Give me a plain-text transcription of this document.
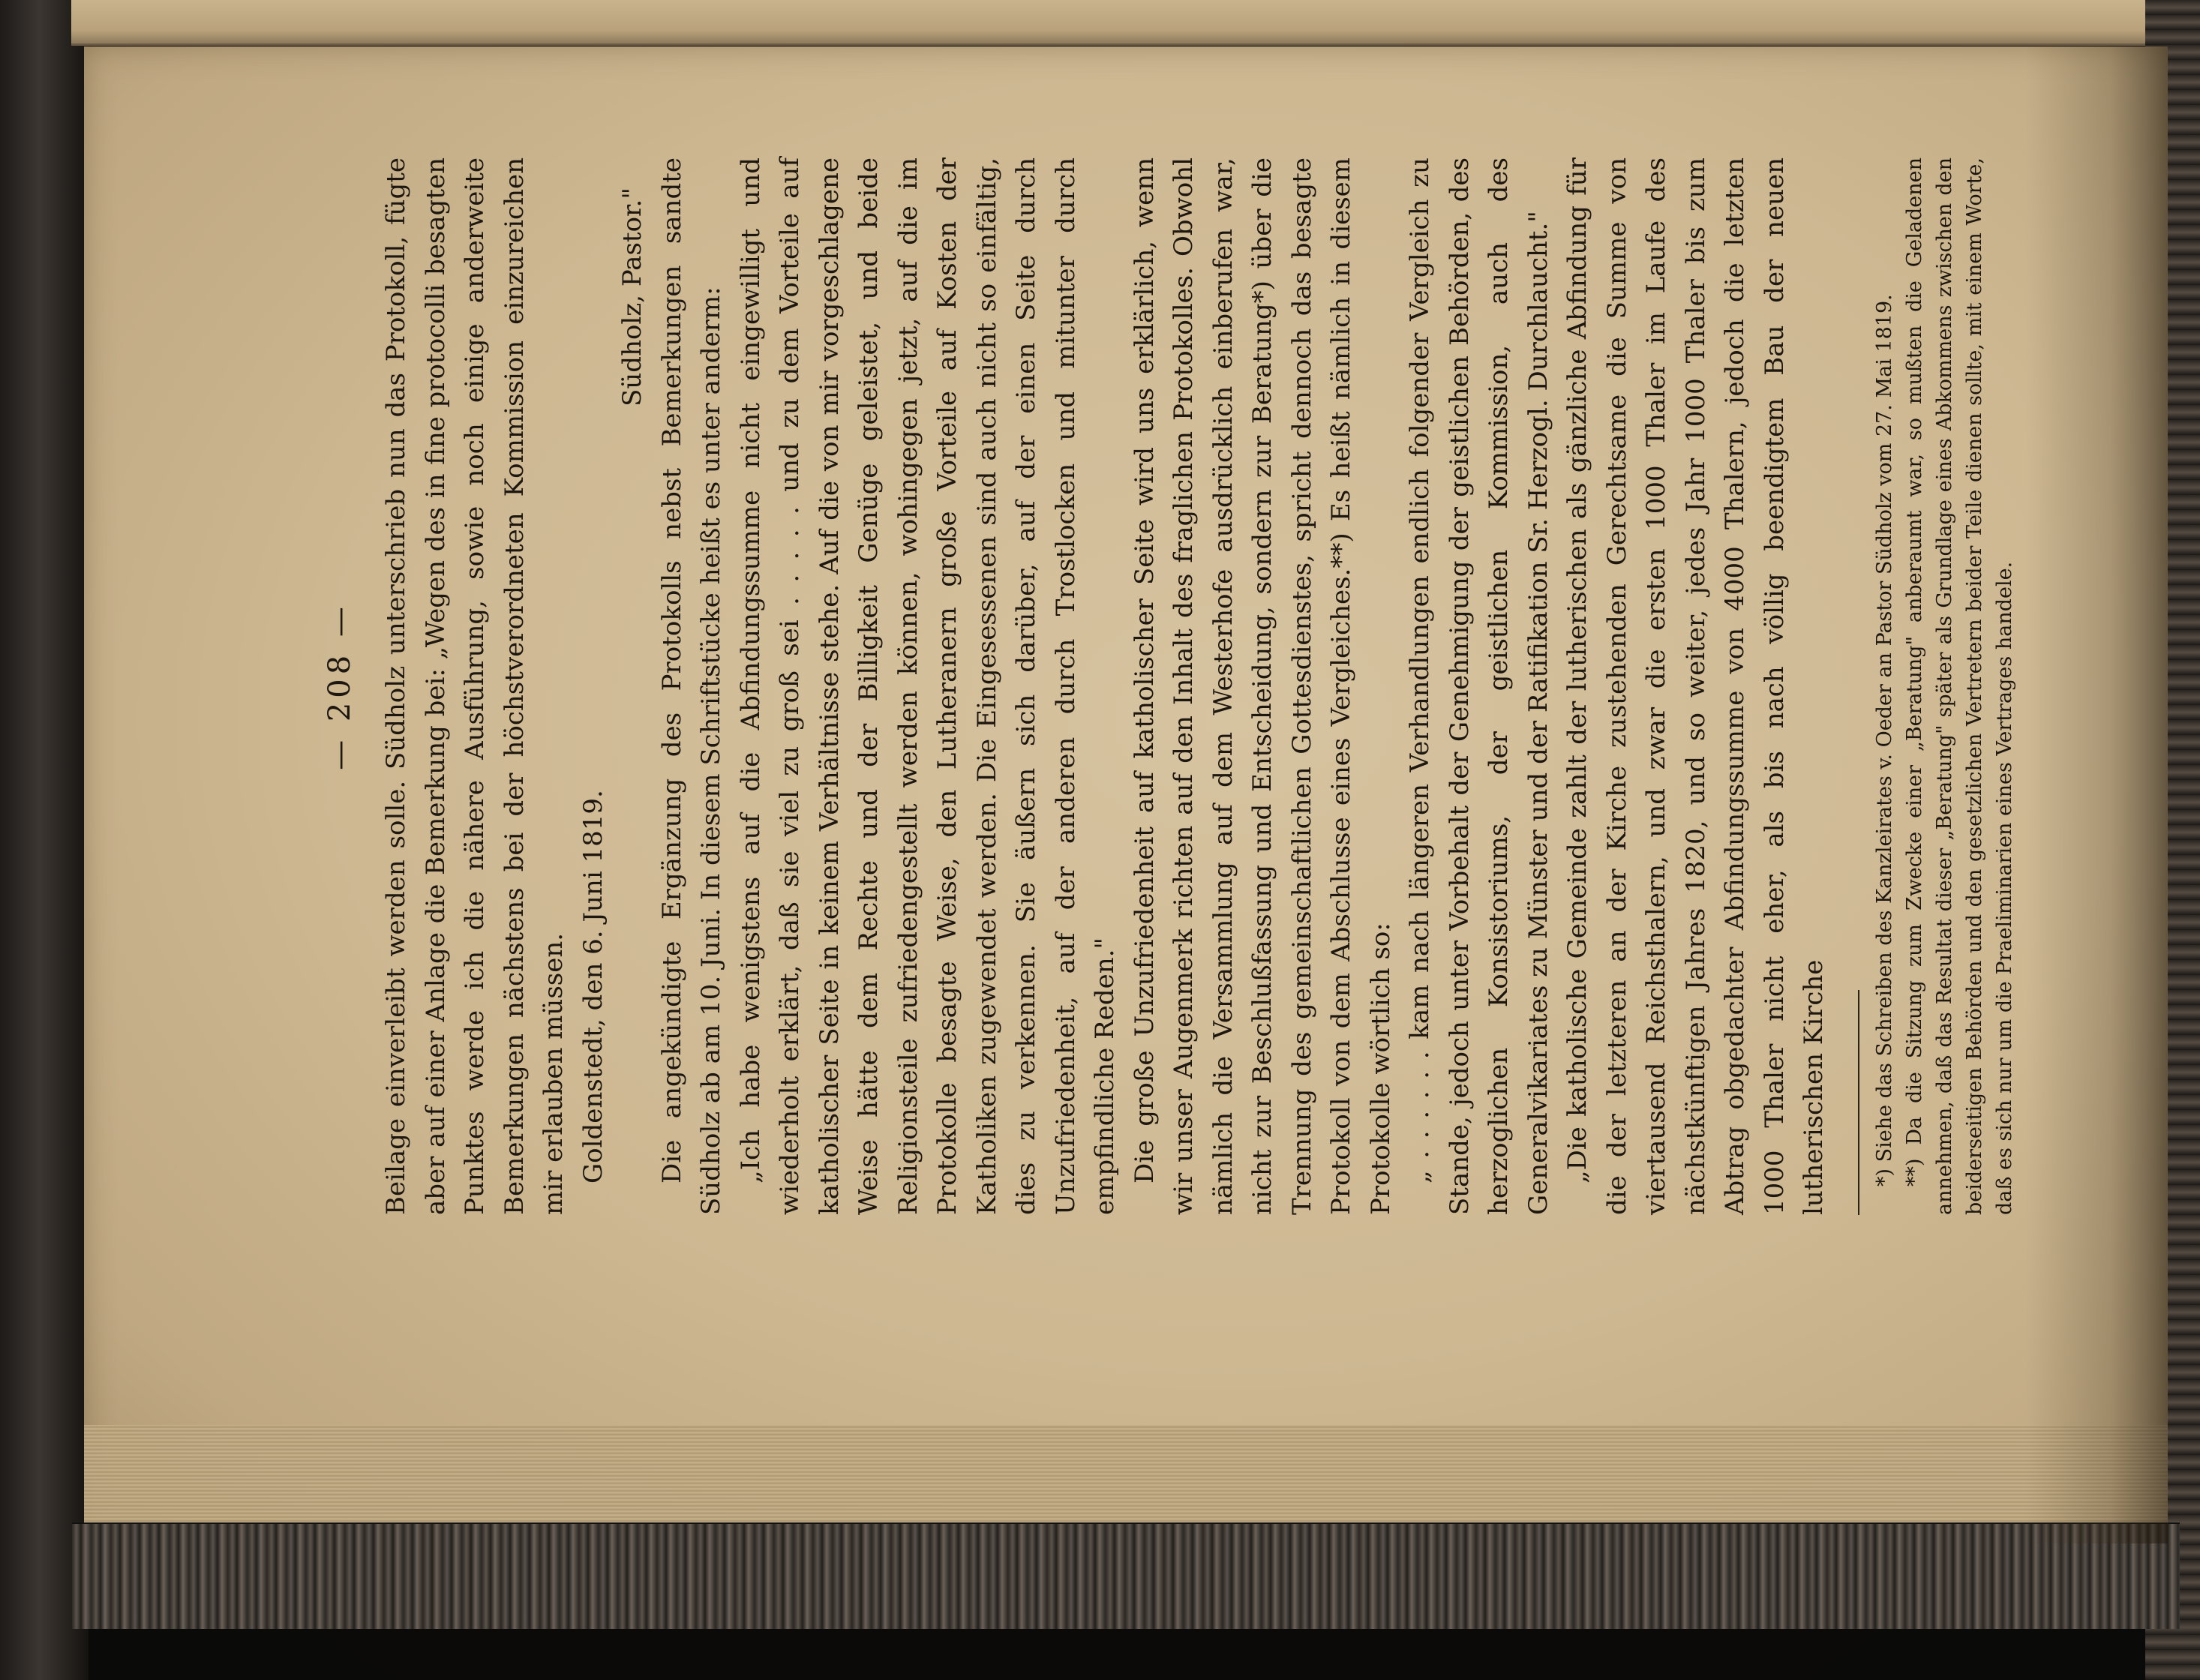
— 208 — Beilage einverleibt werden solle. Südholz unterschrieb nun das Protokoll, fügte aber auf einer Anlage die Bemerkung bei: „Wegen des in fine protocolli besagten Punktes werde ich die nähere Ausführung, sowie noch einige anderweite Bemerkungen nächstens bei der höchstverordneten Kommission einzureichen mir erlauben müssen. Goldenstedt, den 6. Juni 1819.

Südholz, Pastor." Die angekündigte Ergänzung des Protokolls nebst Bemerkungen sandte Südholz ab am 10. Juni. In diesem Schriftstücke heißt es unter anderm: „Ich habe wenigstens auf die Abfindungssumme nicht eingewilligt und wiederholt erklärt, daß sie viel zu groß sei . . . . . und zu dem Vorteile auf katholischer Seite in keinem Verhältnisse stehe. Auf die von mir vorgeschlagene Weise hätte dem Rechte und der Billigkeit Genüge geleistet, und beide Religionsteile zufriedengestellt werden können, wohingegen jetzt, auf die im Protokolle besagte Weise, den Lutheranern große Vorteile auf Kosten der Katholiken zugewendet werden. Die Eingesessenen sind auch nicht so einfältig, dies zu verkennen. Sie äußern sich darüber, auf der einen Seite durch Unzufriedenheit, auf der anderen durch Trostlocken und mitunter durch empfindliche Reden." Die große Unzufriedenheit auf katholischer Seite wird uns erklärlich, wenn wir unser Augenmerk richten auf den Inhalt des fraglichen Protokolles. Obwohl nämlich die Versammlung auf dem Westerhofe ausdrücklich einberufen war, nicht zur Beschlußfassung und Entscheidung, sondern zur Beratung*) über die Trennung des gemeinschaftlichen Gottesdienstes, spricht dennoch das besagte Protokoll von dem Abschlusse eines Vergleiches.**) Es heißt nämlich in diesem Protokolle wörtlich so: „ . . . . . . kam nach längeren Verhandlungen endlich folgender Vergleich zu Stande, jedoch unter Vorbehalt der Genehmigung der geistlichen Behörden, des herzoglichen Konsistoriums, der geistlichen Kommission, auch des Generalvikariates zu Münster und der Ratifikation Sr. Herzogl. Durchlaucht." „Die katholische Gemeinde zahlt der lutherischen als gänzliche Abfindung für die der letzteren an der Kirche zustehenden Gerechtsame die Summe von viertausend Reichsthalern, und zwar die ersten 1000 Thaler im Laufe des nächstkünftigen Jahres 1820, und so weiter, jedes Jahr 1000 Thaler bis zum Abtrag obgedachter Abfindungssumme von 4000 Thalern, jedoch die letzten 1000 Thaler nicht eher, als bis nach völlig beendigtem Bau der neuen lutherischen Kirche *) Siehe das Schreiben des Kanzleirates v. Oeder an Pastor Südholz vom 27. Mai 1819. **) Da die Sitzung zum Zwecke einer „Beratung" anberaumt war, so mußten die Geladenen annehmen, daß das Resultat dieser „Beratung" später als Grundlage eines Abkommens zwischen den beiderseitigen Behörden und den gesetzlichen Vertretern beider Teile dienen sollte, mit einem Worte, daß es sich nur um die Praeliminarien eines Vertrages handele.
